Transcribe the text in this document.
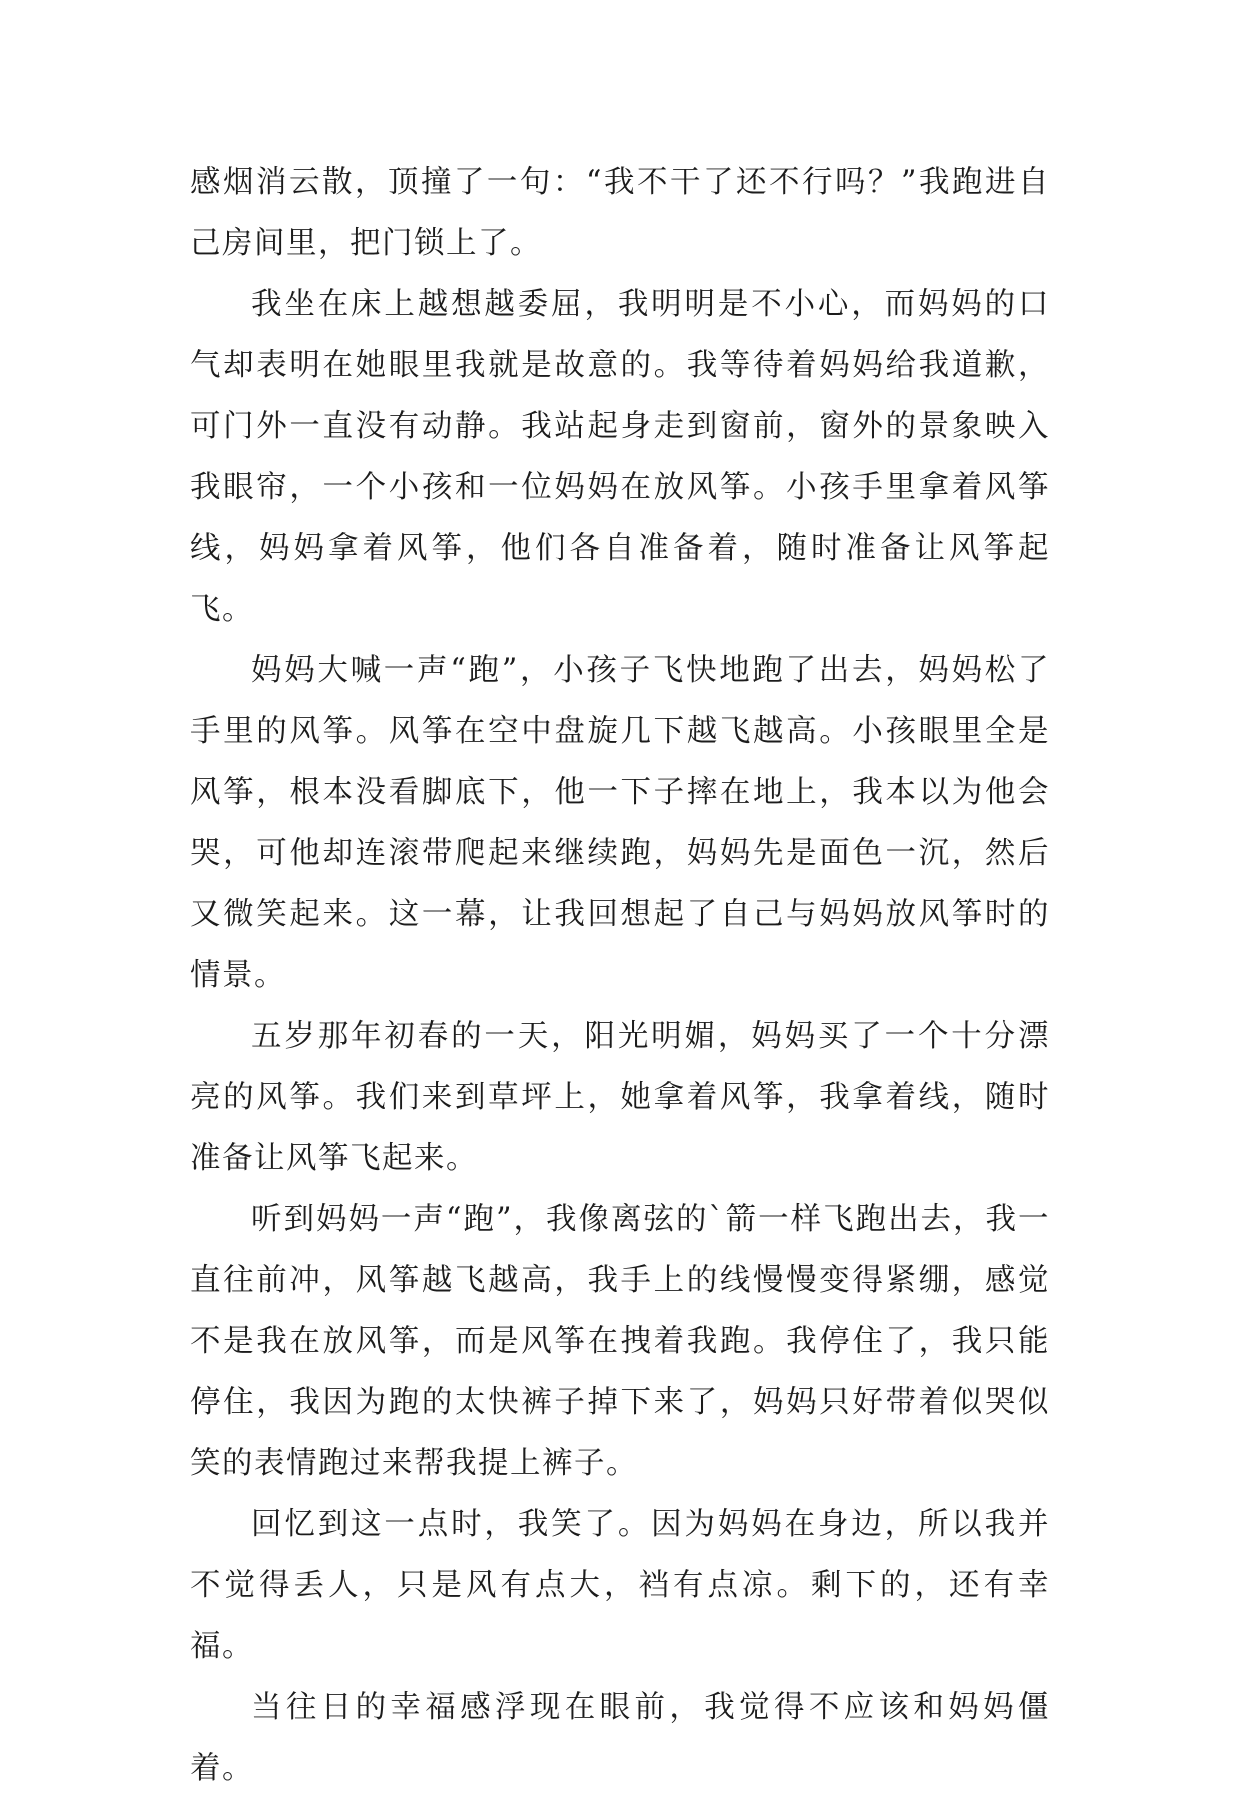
感烟消云散，顶撞了一句：“我不干了还不行吗？”我跑进自己房间里，把门锁上了。

我坐在床上越想越委屈，我明明是不小心，而妈妈的口气却表明在她眼里我就是故意的。我等待着妈妈给我道歉，可门外一直没有动静。我站起身走到窗前，窗外的景象映入我眼帘，一个小孩和一位妈妈在放风筝。小孩手里拿着风筝线，妈妈拿着风筝，他们各自准备着，随时准备让风筝起飞。

妈妈大喊一声“跑”，小孩子飞快地跑了出去，妈妈松了手里的风筝。风筝在空中盘旋几下越飞越高。小孩眼里全是风筝，根本没看脚底下，他一下子摔在地上，我本以为他会哭，可他却连滚带爬起来继续跑，妈妈先是面色一沉，然后又微笑起来。这一幕，让我回想起了自己与妈妈放风筝时的情景。

五岁那年初春的一天，阳光明媚，妈妈买了一个十分漂亮的风筝。我们来到草坪上，她拿着风筝，我拿着线，随时准备让风筝飞起来。

听到妈妈一声“跑”，我像离弦的`箭一样飞跑出去，我一直往前冲，风筝越飞越高，我手上的线慢慢变得紧绷，感觉不是我在放风筝，而是风筝在拽着我跑。我停住了，我只能停住，我因为跑的太快裤子掉下来了，妈妈只好带着似哭似笑的表情跑过来帮我提上裤子。

回忆到这一点时，我笑了。因为妈妈在身边，所以我并不觉得丢人，只是风有点大，裆有点凉。剩下的，还有幸福。

当往日的幸福感浮现在眼前，我觉得不应该和妈妈僵着。
